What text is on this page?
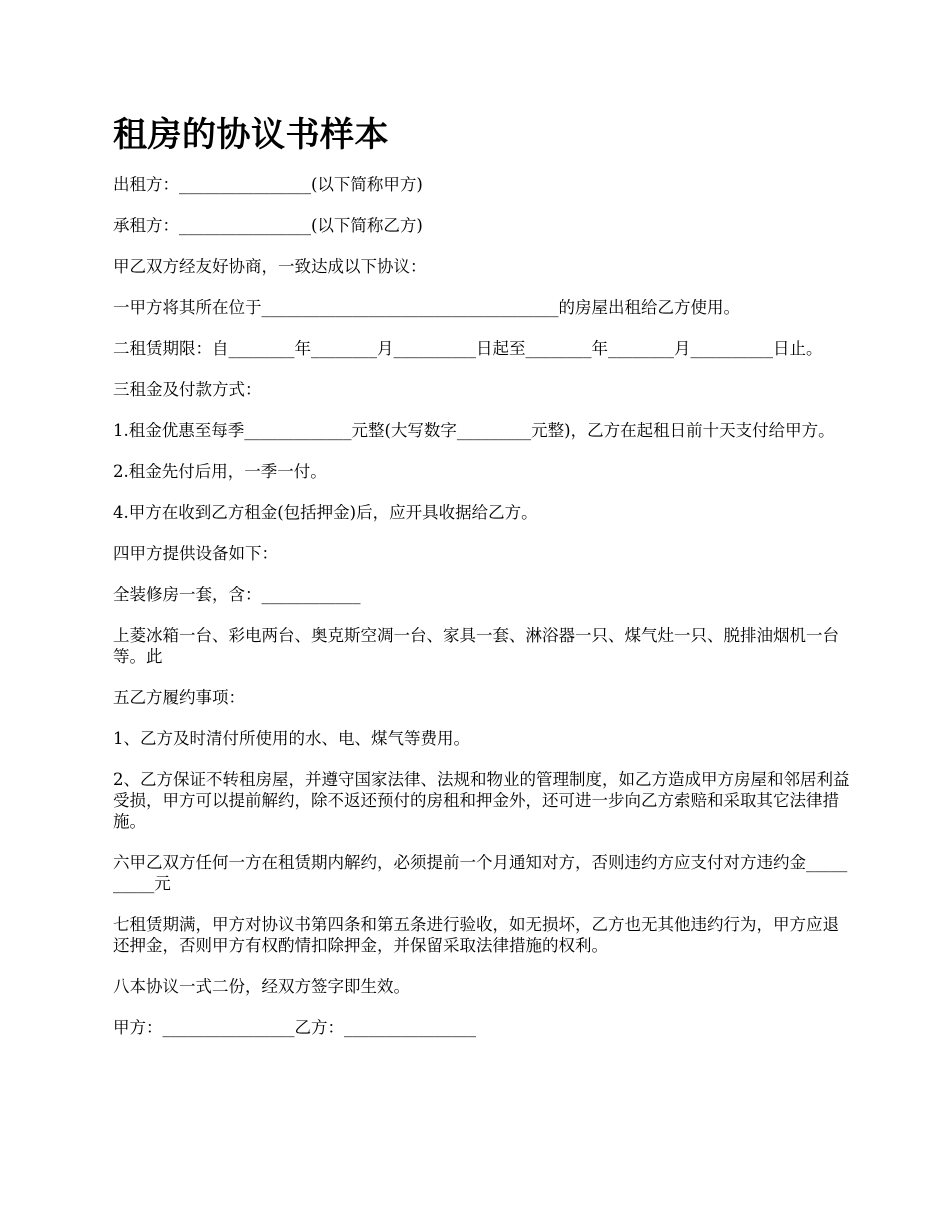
租房的协议书样本

出租方：________________(以下简称甲方)

承租方：________________(以下简称乙方)

甲乙双方经友好协商，一致达成以下协议：

一甲方将其所在位于____________________________________的房屋出租给乙方使用。

二租赁期限：自________年________月__________日起至________年________月__________日止。

三租金及付款方式：

1.租金优惠至每季_____________元整(大写数字_________元整)，乙方在起租日前十天支付给甲方。

2.租金先付后用，一季一付。

4.甲方在收到乙方租金(包括押金)后，应开具收据给乙方。

四甲方提供设备如下：

全装修房一套，含：____________

上菱冰箱一台、彩电两台、奥克斯空凋一台、家具一套、淋浴器一只、煤气灶一只、脱排油烟机一台等。此

五乙方履约事项：

1、乙方及时清付所使用的水、电、煤气等费用。

2、乙方保证不转租房屋，并遵守国家法律、法规和物业的管理制度，如乙方造成甲方房屋和邻居利益受损，甲方可以提前解约，除不返还预付的房租和押金外，还可进一步向乙方索赔和采取其它法律措施。

六甲乙双方任何一方在租赁期内解约，必须提前一个月通知对方，否则违约方应支付对方违约金__________元

七租赁期满，甲方对协议书第四条和第五条进行验收，如无损坏，乙方也无其他违约行为，甲方应退还押金，否则甲方有权酌情扣除押金，并保留采取法律措施的权利。

八本协议一式二份，经双方签字即生效。

甲方：________________乙方：________________
